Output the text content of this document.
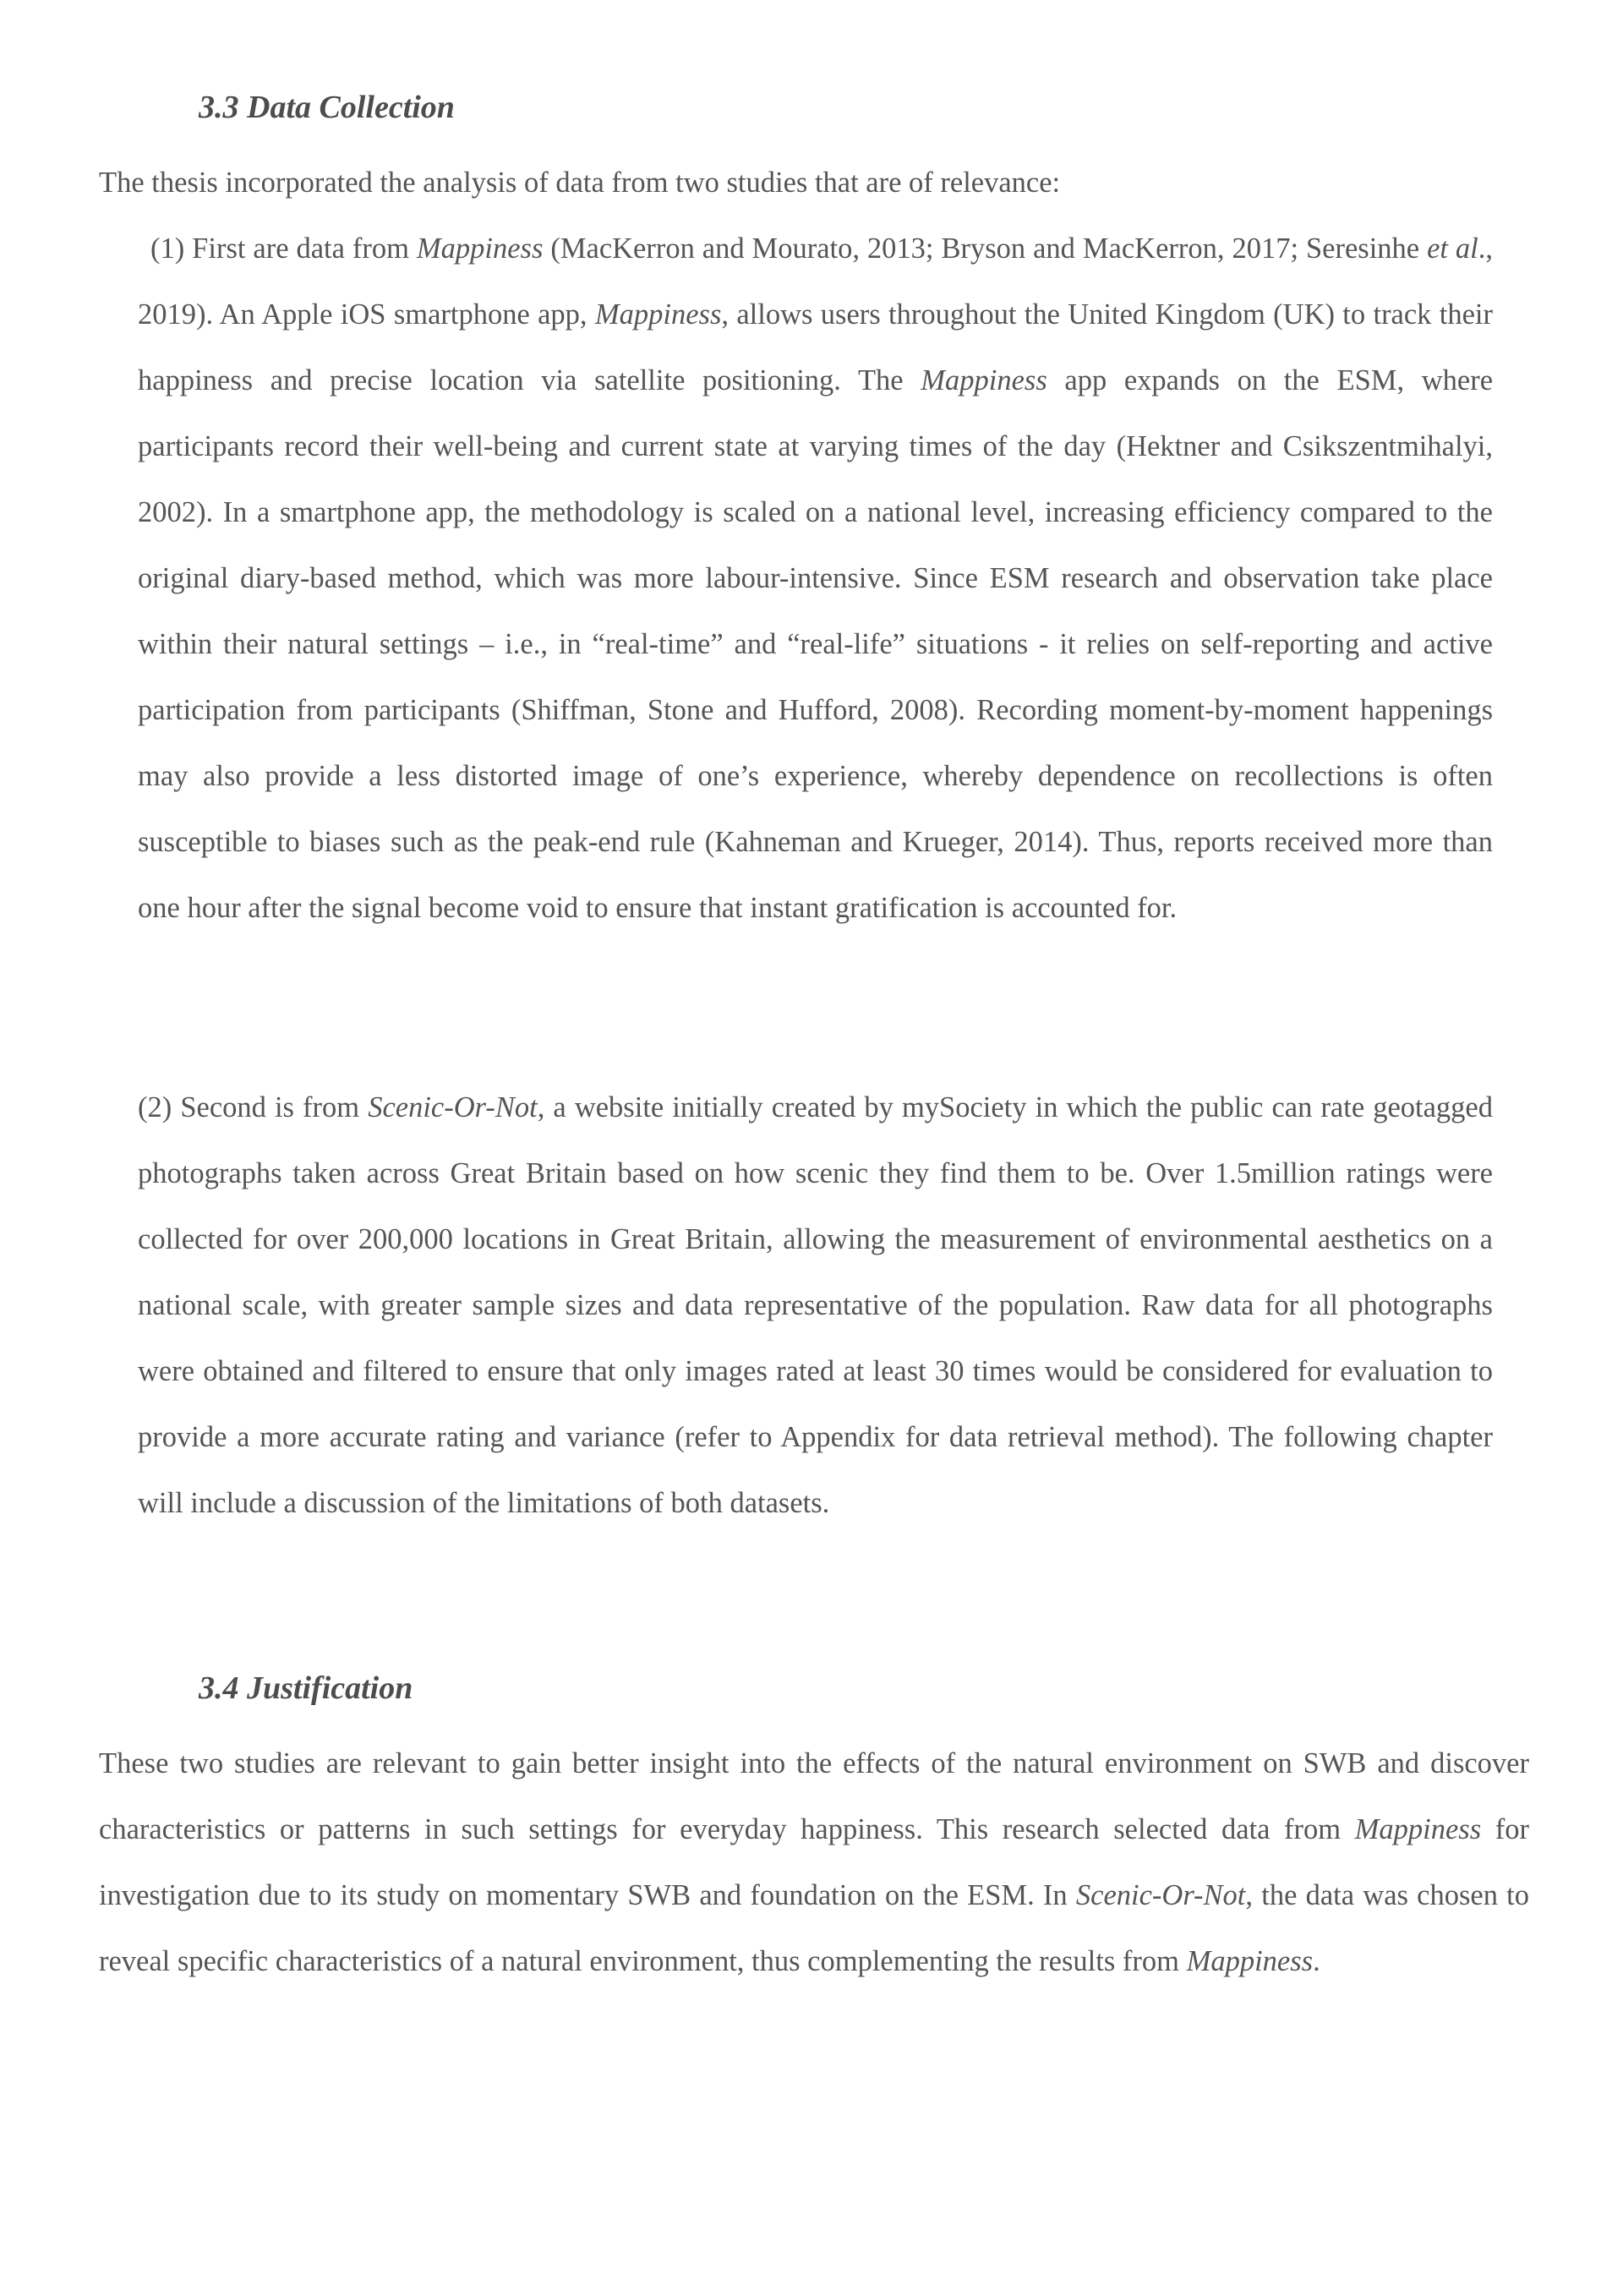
3.3 Data Collection

The thesis incorporated the analysis of data from two studies that are of relevance:

(1) First are data from Mappiness (MacKerron and Mourato, 2013; Bryson and MacKerron, 2017; Seresinhe et al., 2019). An Apple iOS smartphone app, Mappiness, allows users throughout the United Kingdom (UK) to track their happiness and precise location via satellite positioning. The Mappiness app expands on the ESM, where participants record their well-being and current state at varying times of the day (Hektner and Csikszentmihalyi, 2002). In a smartphone app, the methodology is scaled on a national level, increasing efficiency compared to the original diary-based method, which was more labour-intensive. Since ESM research and observation take place within their natural settings – i.e., in “real-time” and “real-life” situations - it relies on self-reporting and active participation from participants (Shiffman, Stone and Hufford, 2008). Recording moment-by-moment happenings may also provide a less distorted image of one’s experience, whereby dependence on recollections is often susceptible to biases such as the peak-end rule (Kahneman and Krueger, 2014). Thus, reports received more than one hour after the signal become void to ensure that instant gratification is accounted for.

(2) Second is from Scenic-Or-Not, a website initially created by mySociety in which the public can rate geotagged photographs taken across Great Britain based on how scenic they find them to be. Over 1.5million ratings were collected for over 200,000 locations in Great Britain, allowing the measurement of environmental aesthetics on a national scale, with greater sample sizes and data representative of the population. Raw data for all photographs were obtained and filtered to ensure that only images rated at least 30 times would be considered for evaluation to provide a more accurate rating and variance (refer to Appendix for data retrieval method). The following chapter will include a discussion of the limitations of both datasets.

3.4 Justification

These two studies are relevant to gain better insight into the effects of the natural environment on SWB and discover characteristics or patterns in such settings for everyday happiness. This research selected data from Mappiness for investigation due to its study on momentary SWB and foundation on the ESM. In Scenic-Or-Not, the data was chosen to reveal specific characteristics of a natural environment, thus complementing the results from Mappiness.
